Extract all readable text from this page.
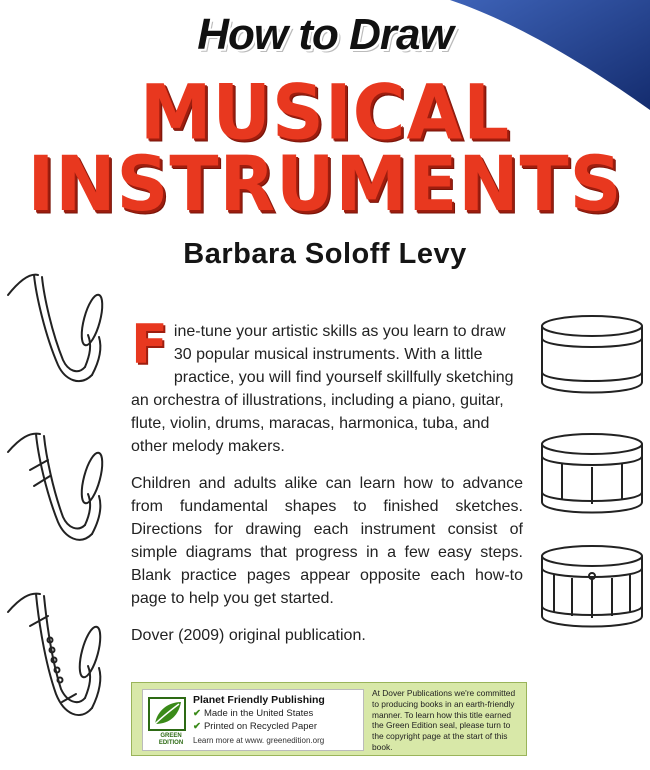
How to Draw
MUSICAL
INSTRUMENTS
Barbara Soloff Levy

Fine-tune your artistic skills as you learn to draw 30 popular musical instruments. With a little practice, you will find yourself skillfully sketching an orchestra of illustrations, including a piano, guitar, flute, violin, drums, maracas, harmonica, tuba, and other melody makers.

Children and adults alike can learn how to advance from fundamental shapes to finished sketches. Directions for drawing each instrument consist of simple diagrams that progress in a few easy steps. Blank practice pages appear opposite each how-to page to help you get started.

Dover (2009) original publication.

GREEN
EDITION
Planet Friendly Publishing
✔ Made in the United States
✔ Printed on Recycled Paper
Learn more at www. greenedition.org
At Dover Publications we're committed to producing books in an earth-friendly manner. To learn how this title earned the Green Edition seal, please turn to the copyright page at the start of this book.
